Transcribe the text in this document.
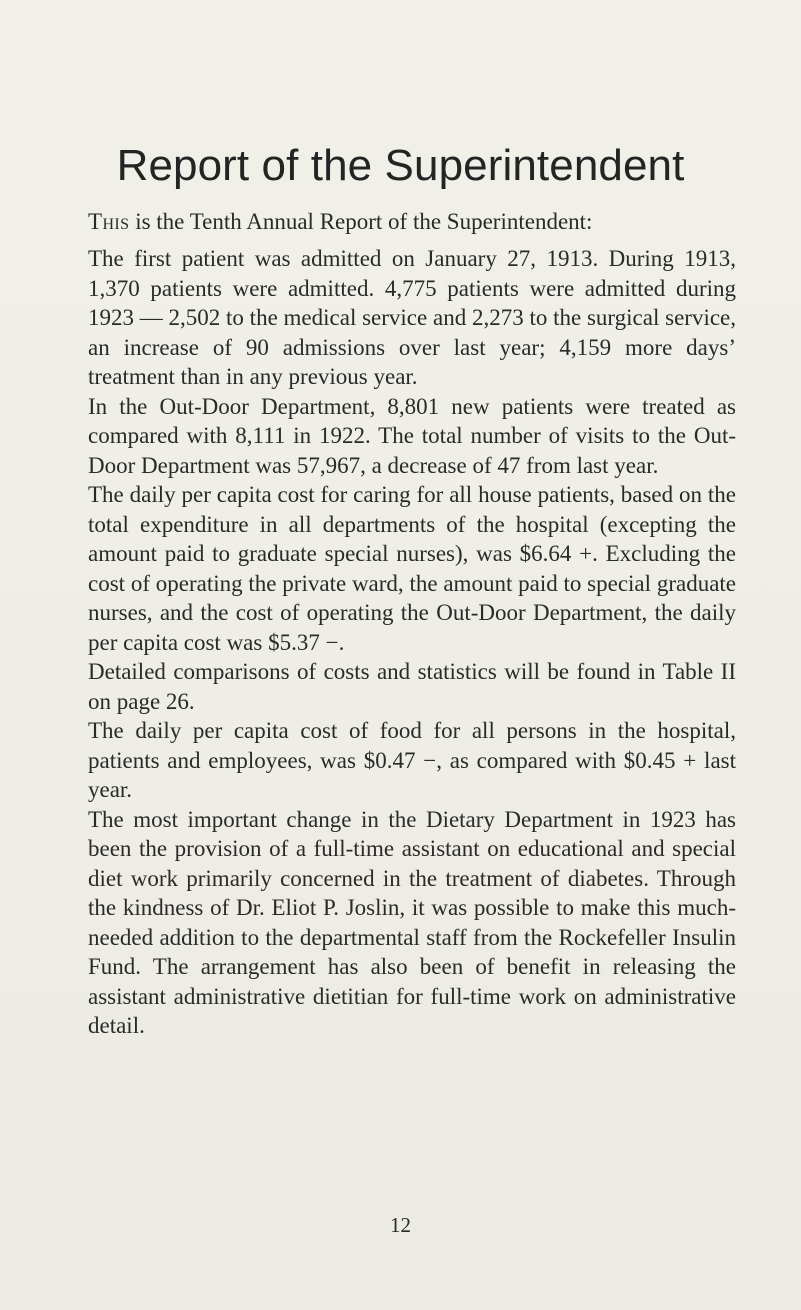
Report of the Superintendent
This is the Tenth Annual Report of the Superintendent:

The first patient was admitted on January 27, 1913. During 1913, 1,370 patients were admitted. 4,775 patients were admitted during 1923 — 2,502 to the medical service and 2,273 to the surgical service, an increase of 90 admissions over last year; 4,159 more days’ treatment than in any previous year.

In the Out-Door Department, 8,801 new patients were treated as compared with 8,111 in 1922. The total number of visits to the Out-Door Department was 57,967, a decrease of 47 from last year.

The daily per capita cost for caring for all house patients, based on the total expenditure in all departments of the hospital (excepting the amount paid to graduate special nurses), was $6.64 +. Excluding the cost of operating the private ward, the amount paid to special graduate nurses, and the cost of operating the Out-Door Department, the daily per capita cost was $5.37 −.

Detailed comparisons of costs and statistics will be found in Table II on page 26.

The daily per capita cost of food for all persons in the hospital, patients and employees, was $0.47 −, as compared with $0.45 + last year.

The most important change in the Dietary Department in 1923 has been the provision of a full-time assistant on educational and special diet work primarily concerned in the treatment of diabetes. Through the kindness of Dr. Eliot P. Joslin, it was possible to make this much-needed addition to the departmental staff from the Rockefeller Insulin Fund. The arrangement has also been of benefit in releasing the assistant administrative dietitian for full-time work on administrative detail.

12
